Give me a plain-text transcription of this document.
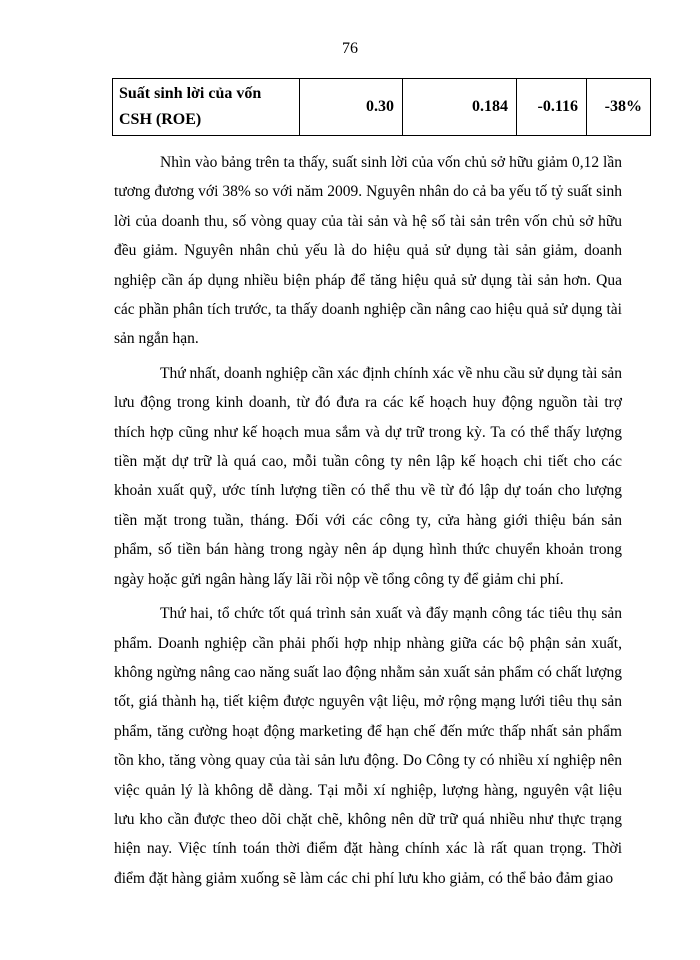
76
Suất sinh lời của vốn
CSH (ROE)	0.30	0.184	-0.116	-38%

Nhìn vào bảng trên ta thấy, suất sinh lời của vốn chủ sở hữu giảm 0,12 lần tương đương với 38% so với năm 2009. Nguyên nhân do cả ba yếu tố tỷ suất sinh lời của doanh thu, số vòng quay của tài sản và hệ số tài sản trên vốn chủ sở hữu đều giảm. Nguyên nhân chủ yếu là do hiệu quả sử dụng tài sản giảm, doanh nghiệp cần áp dụng nhiều biện pháp để tăng hiệu quả sử dụng tài sản hơn. Qua các phần phân tích trước, ta thấy doanh nghiệp cần nâng cao hiệu quả sử dụng tài sản ngắn hạn.

Thứ nhất, doanh nghiệp cần xác định chính xác về nhu cầu sử dụng tài sản lưu động trong kinh doanh, từ đó đưa ra các kế hoạch huy động nguồn tài trợ thích hợp cũng như kế hoạch mua sắm và dự trữ trong kỳ. Ta có thể thấy lượng tiền mặt dự trữ là quá cao, mỗi tuần công ty nên lập kế hoạch chi tiết cho các khoản xuất quỹ, ước tính lượng tiền có thể thu về từ đó lập dự toán cho lượng tiền mặt trong tuần, tháng. Đối với các công ty, cửa hàng giới thiệu bán sản phẩm, số tiền bán hàng trong ngày nên áp dụng hình thức chuyển khoản trong ngày hoặc gửi ngân hàng lấy lãi rồi nộp về tổng công ty để giảm chi phí.

Thứ hai, tổ chức tốt quá trình sản xuất và đẩy mạnh công tác tiêu thụ sản phẩm. Doanh nghiệp cần phải phối hợp nhịp nhàng giữa các bộ phận sản xuất, không ngừng nâng cao năng suất lao động nhằm sản xuất sản phẩm có chất lượng tốt, giá thành hạ, tiết kiệm được nguyên vật liệu, mở rộng mạng lưới tiêu thụ sản phẩm, tăng cường hoạt động marketing để hạn chế đến mức thấp nhất sản phẩm tồn kho, tăng vòng quay của tài sản lưu động. Do Công ty có nhiều xí nghiệp nên việc quản lý là không dễ dàng. Tại mỗi xí nghiệp, lượng hàng, nguyên vật liệu lưu kho cần được theo dõi chặt chẽ, không nên dữ trữ quá nhiều như thực trạng hiện nay. Việc tính toán thời điểm đặt hàng chính xác là rất quan trọng. Thời điểm đặt hàng giảm xuống sẽ làm các chi phí lưu kho giảm, có thể bảo đảm giao
